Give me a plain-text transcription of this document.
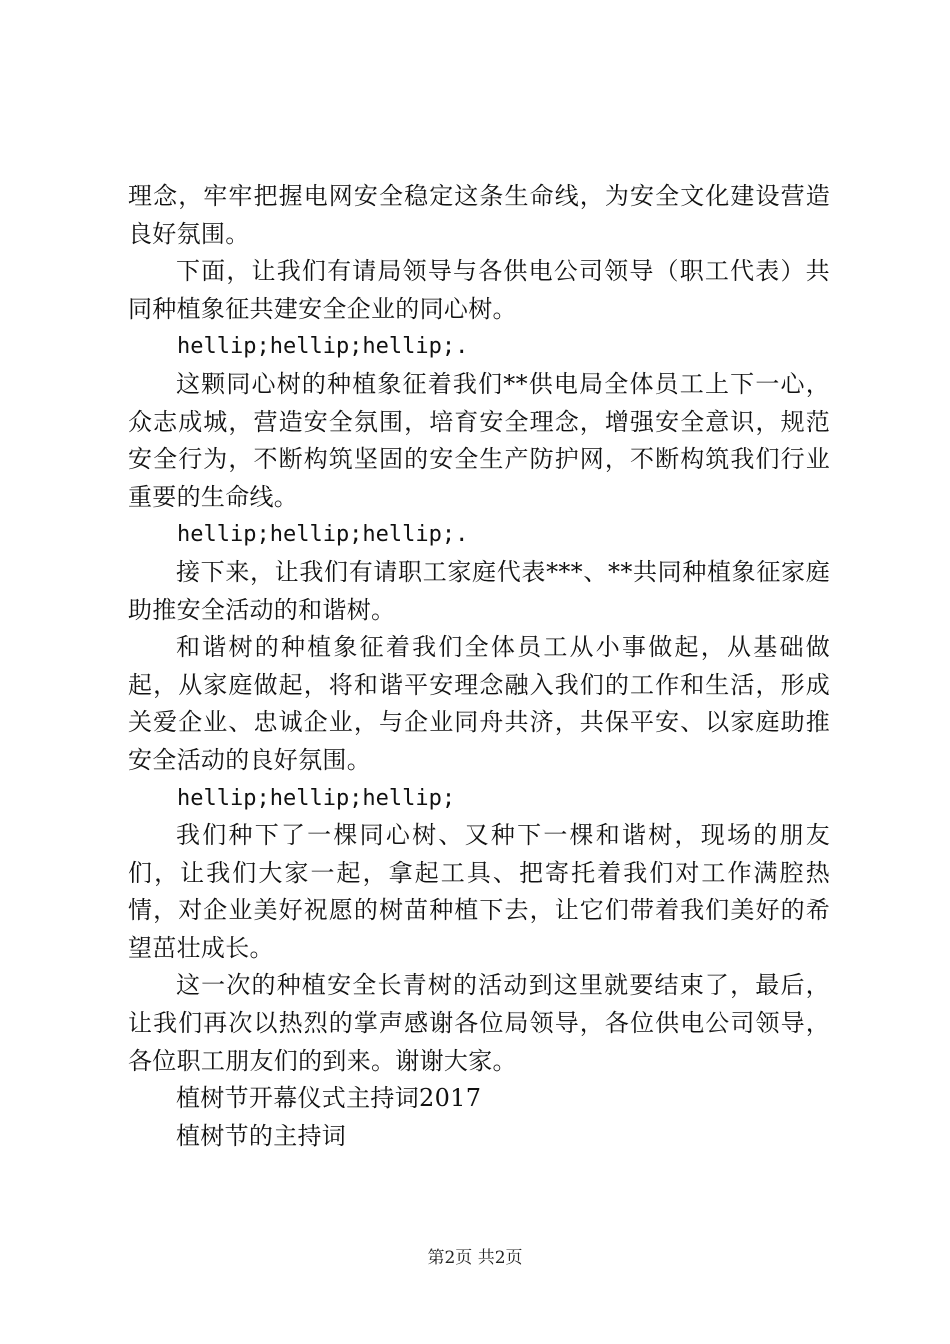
理念，牢牢把握电网安全稳定这条生命线，为安全文化建设营造良好氛围。

下面，让我们有请局领导与各供电公司领导（职工代表）共同种植象征共建安全企业的同心树。

hellip;hellip;hellip;.

这颗同心树的种植象征着我们**供电局全体员工上下一心，众志成城，营造安全氛围，培育安全理念，增强安全意识，规范安全行为，不断构筑坚固的安全生产防护网，不断构筑我们行业重要的生命线。

hellip;hellip;hellip;.

接下来，让我们有请职工家庭代表***、**共同种植象征家庭助推安全活动的和谐树。

和谐树的种植象征着我们全体员工从小事做起，从基础做起，从家庭做起，将和谐平安理念融入我们的工作和生活，形成关爱企业、忠诚企业，与企业同舟共济，共保平安、以家庭助推安全活动的良好氛围。

hellip;hellip;hellip;

我们种下了一棵同心树、又种下一棵和谐树，现场的朋友们，让我们大家一起，拿起工具、把寄托着我们对工作满腔热情，对企业美好祝愿的树苗种植下去，让它们带着我们美好的希望茁壮成长。

这一次的种植安全长青树的活动到这里就要结束了，最后，让我们再次以热烈的掌声感谢各位局领导，各位供电公司领导，各位职工朋友们的到来。谢谢大家。

植树节开幕仪式主持词2017

植树节的主持词

第2页 共2页
